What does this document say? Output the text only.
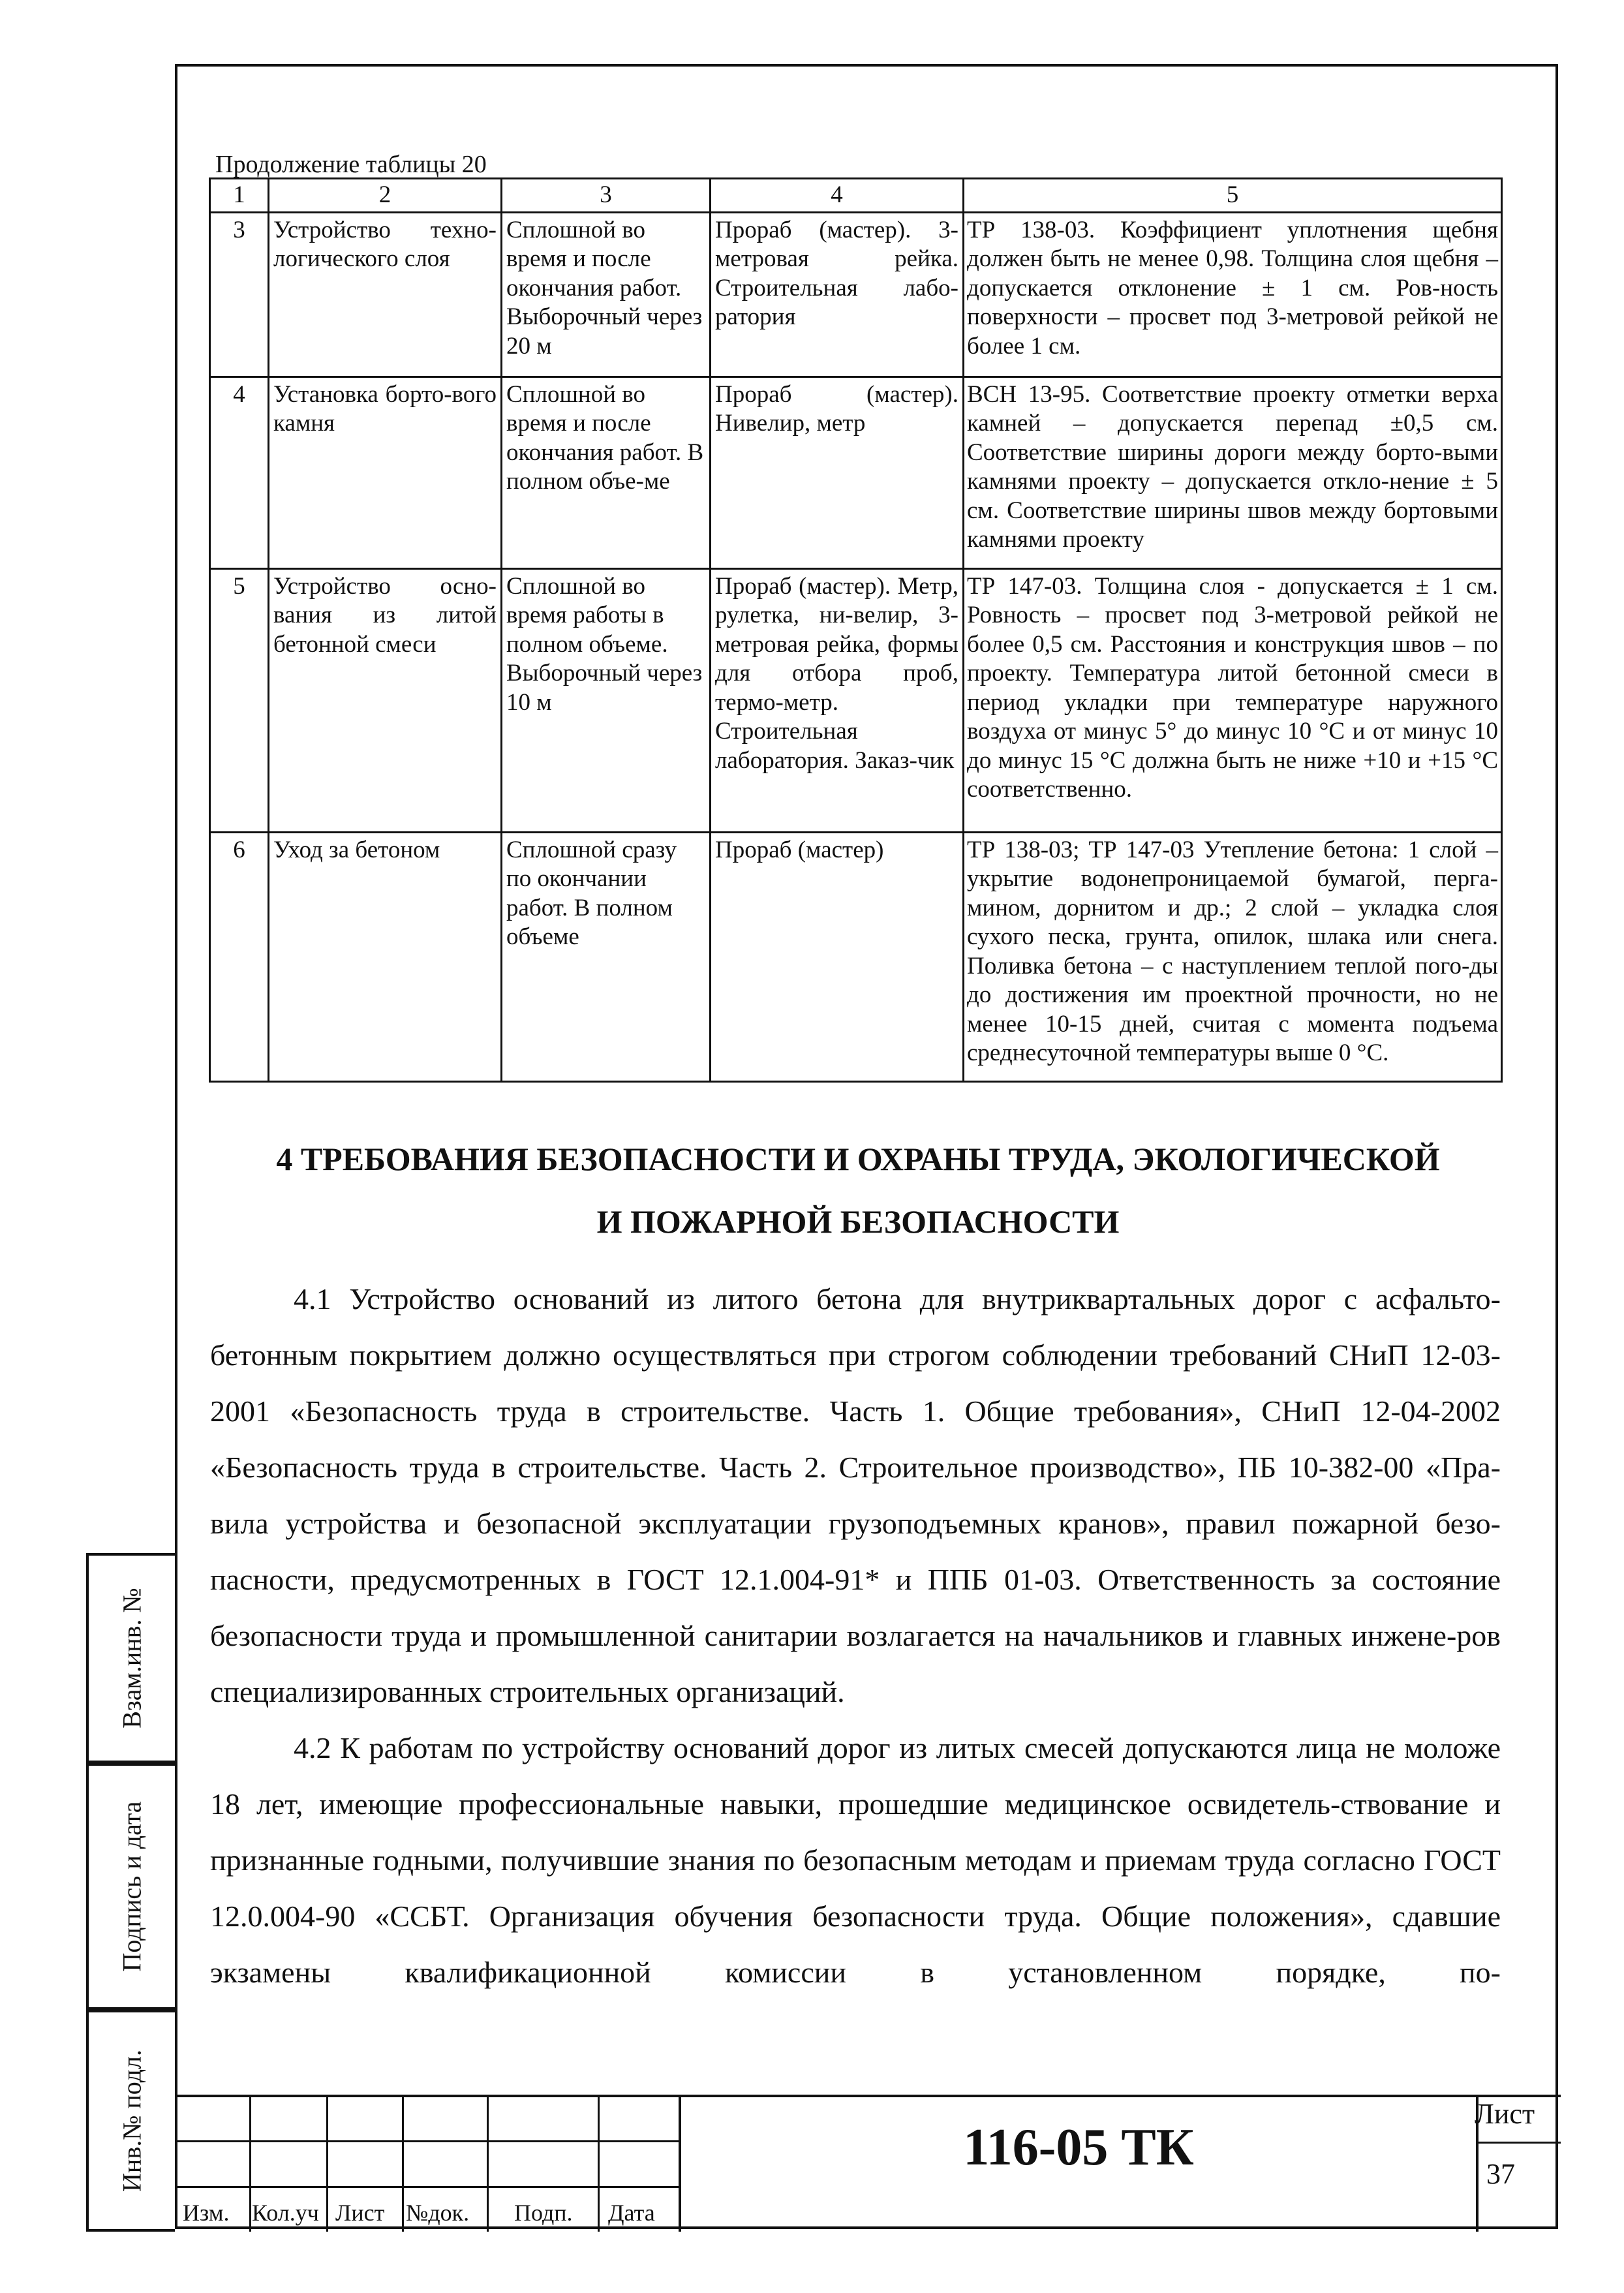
Продолжение таблицы 20
1	2	3	4	5
3	Устройство техно-логического слоя	Сплошной во время и после окончания работ. Выборочный через 20 м	Прораб (мастер). 3-метровая рейка. Строительная лабо-ратория	ТР 138-03. Коэффициент уплотнения щебня должен быть не менее 0,98. Толщина слоя щебня – допускается отклонение ± 1 см. Ров-ность поверхности – просвет под 3-метровой рейкой не более 1 см.
4	Установка борто-вого камня	Сплошной во время и после окончания работ. В полном объе-ме	Прораб (мастер). Нивелир, метр	ВСН 13-95. Соответствие проекту отметки верха камней – допускается перепад ±0,5 см. Соответствие ширины дороги между борто-выми камнями проекту – допускается откло-нение ± 5 см. Соответствие ширины швов между бортовыми камнями проекту
5	Устройство осно-вания из литой бетонной смеси	Сплошной во время работы в полном объеме. Выборочный через 10 м	Прораб (мастер). Метр, рулетка, ни-велир, 3-метровая рейка, формы для отбора проб, термо-метр. Строительная лаборатория. Заказ-чик	ТР 147-03. Толщина слоя - допускается ± 1 см. Ровность – просвет под 3-метровой рейкой не более 0,5 см. Расстояния и конструкция швов – по проекту. Температура литой бетонной смеси в период укладки при температуре наружного воздуха от минус 5° до минус 10 °С и от минус 10 до минус 15 °С должна быть не ниже +10 и +15 °С соответственно.
6	Уход за бетоном	Сплошной сразу по окончании работ. В полном объеме	Прораб (мастер)	ТР 138-03; ТР 147-03 Утепление бетона: 1 слой – укрытие водонепроницаемой бумагой, перга-мином, дорнитом и др.; 2 слой – укладка слоя сухого песка, грунта, опилок, шлака или снега. Поливка бетона – с наступлением теплой пого-ды до достижения им проектной прочности, но не менее 10-15 дней, считая с момента подъема среднесуточной температуры выше 0 °С.
4 ТРЕБОВАНИЯ БЕЗОПАСНОСТИ И ОХРАНЫ ТРУДА, ЭКОЛОГИЧЕСКОЙ
И ПОЖАРНОЙ БЕЗОПАСНОСТИ
4.1 Устройство оснований из литого бетона для внутриквартальных дорог с асфальто-бетонным покрытием должно осуществляться при строгом соблюдении требований СНиП 12-03-2001 «Безопасность труда в строительстве. Часть 1. Общие требования», СНиП 12-04-2002 «Безопасность труда в строительстве. Часть 2. Строительное производство», ПБ 10-382-00 «Пра-вила устройства и безопасной эксплуатации грузоподъемных кранов», правил пожарной безо-пасности, предусмотренных в ГОСТ 12.1.004-91* и ППБ 01-03. Ответственность за состояние безопасности труда и промышленной санитарии возлагается на начальников и главных инжене-ров специализированных строительных организаций.
4.2 К работам по устройству оснований дорог из литых смесей допускаются лица не моложе 18 лет, имеющие профессиональные навыки, прошедшие медицинское освидетель-ствование и признанные годными, получившие знания по безопасным методам и приемам труда согласно ГОСТ 12.0.004-90 «ССБТ. Организация обучения безопасности труда. Общие положения», сдавшие экзамены квалификационной комиссии в установленном порядке, по-
Взам.инв. №
Подпись и дата
Инв.№ подл.
Изм. Кол.уч Лист №док. Подп. Дата
116-05 ТК
Лист
37
